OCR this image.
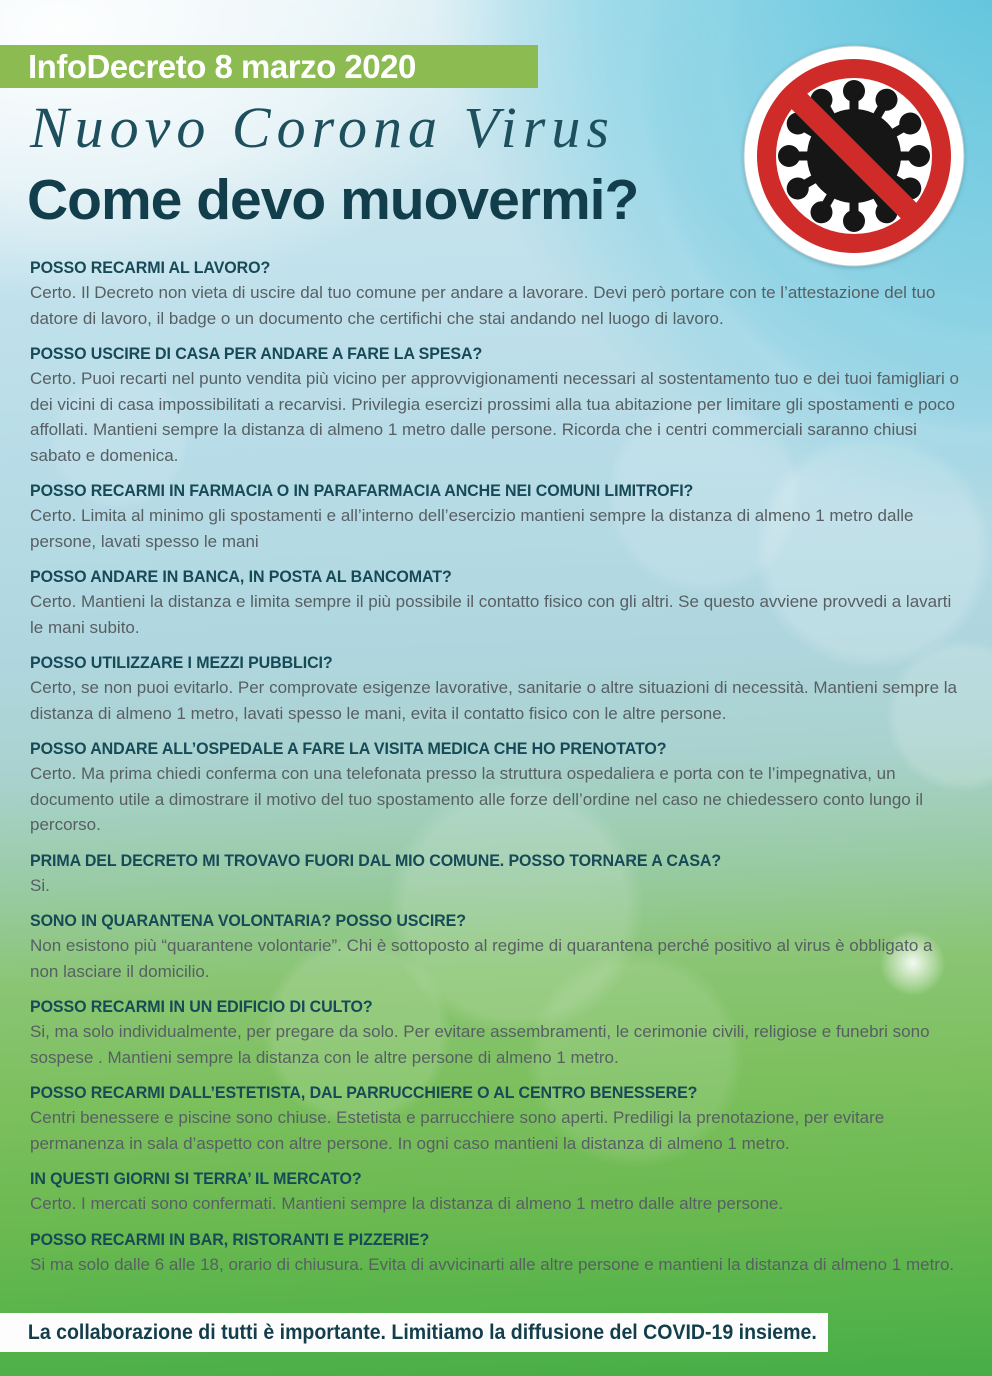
InfoDecreto 8 marzo 2020
Nuovo Corona Virus
Come devo muovermi?
POSSO RECARMI AL LAVORO?

Certo. Il Decreto non vieta di uscire dal tuo comune per andare a lavorare. Devi però portare con te l’attestazione del tuo datore di lavoro, il badge o un documento che certifichi che stai andando nel luogo di lavoro.

POSSO USCIRE DI CASA PER ANDARE A FARE LA SPESA?

Certo. Puoi recarti nel punto vendita più vicino per approvvigionamenti necessari al sostentamento tuo e dei tuoi famigliari o dei vicini di casa impossibilitati a recarvisi. Privilegia esercizi prossimi alla tua abitazione per limitare gli spostamenti e poco affollati. Mantieni sempre la distanza di almeno 1 metro dalle persone. Ricorda che i centri commerciali saranno chiusi sabato e domenica.

POSSO RECARMI IN FARMACIA O IN PARAFARMACIA ANCHE NEI COMUNI LIMITROFI?

Certo. Limita al minimo gli spostamenti e all’interno dell’esercizio mantieni sempre la distanza di almeno 1 metro dalle persone, lavati spesso le mani

POSSO ANDARE IN BANCA, IN POSTA AL BANCOMAT?

Certo. Mantieni la distanza e limita sempre il più possibile il contatto fisico con gli altri. Se questo avviene provvedi a lavarti le mani subito.

POSSO UTILIZZARE I MEZZI PUBBLICI?

Certo, se non puoi evitarlo. Per comprovate esigenze lavorative, sanitarie o altre situazioni di necessità. Mantieni sempre la distanza di almeno 1 metro, lavati spesso le mani, evita il contatto fisico con le altre persone.

POSSO ANDARE ALL’OSPEDALE A FARE LA VISITA MEDICA CHE HO PRENOTATO?

Certo. Ma prima chiedi conferma con una telefonata presso la struttura ospedaliera e porta con te l’impegnativa, un documento utile a dimostrare il motivo del tuo spostamento alle forze dell’ordine nel caso ne chiedessero conto lungo il percorso.

PRIMA DEL DECRETO MI TROVAVO FUORI DAL MIO COMUNE. POSSO TORNARE A CASA?

Si.

SONO IN QUARANTENA VOLONTARIA? POSSO USCIRE?

Non esistono più “quarantene volontarie”. Chi è sottoposto al regime di quarantena perché positivo al virus è obbligato a non lasciare il domicilio.

POSSO RECARMI IN UN EDIFICIO DI CULTO?

Si, ma solo individualmente, per pregare da solo. Per evitare assembramenti, le cerimonie civili, religiose e funebri sono sospese . Mantieni sempre la distanza con le altre persone di almeno 1 metro.

POSSO RECARMI DALL’ESTETISTA, DAL PARRUCCHIERE O AL CENTRO BENESSERE?

Centri benessere e piscine sono chiuse. Estetista e parrucchiere sono aperti. Prediligi la prenotazione, per evitare permanenza in sala d’aspetto con altre persone. In ogni caso mantieni la distanza di almeno 1 metro.

IN QUESTI GIORNI SI TERRA’ IL MERCATO?

Certo. I mercati sono confermati. Mantieni sempre la distanza di almeno 1 metro dalle altre persone.

POSSO RECARMI IN BAR, RISTORANTI E PIZZERIE?

Si ma solo dalle 6 alle 18, orario di chiusura. Evita di avvicinarti alle altre persone e mantieni la distanza di almeno 1 metro.

La collaborazione di tutti è importante. Limitiamo la diffusione del COVID-19 insieme.
